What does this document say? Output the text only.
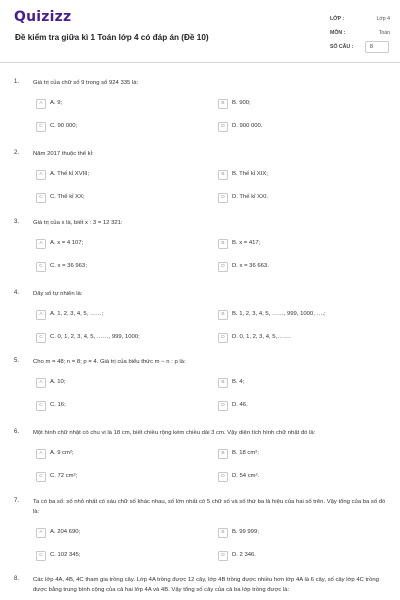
Quizizz
Đề kiểm tra giữa kì 1 Toán lớp 4 có đáp án (Đề 10)
LỚP :	Lớp 4
MÔN :	Toán
SỐ CÂU :	8
1. Giá trị của chữ số 9 trong số 924 335 là:
A	A. 9;	B	B. 900;
C	C. 90 000;	D	D. 900 000.
2. Năm 2017 thuộc thế kỉ:
A	A. Thế kỉ XVIII;	B	B. Thế kỉ XIX;
C	C. Thế kỉ XX;	D	D. Thế kỉ XXI.
3. Giá trị của x là, biết x : 3 = 12 321:
A	A. x = 4 107;	B	B. x = 417;
C	C. x = 36 963;	D	D. x = 36 663.
4. Dãy số tự nhiên là:
A	A. 1, 2, 3, 4, 5, ……;	B	B. 1, 2, 3, 4, 5, ……, 999, 1000, ….;
C	C. 0, 1, 2, 3, 4, 5, ……, 999, 1000;	D	D. 0, 1, 2, 3, 4, 5,…….
5. Cho m = 48; n = 8; p = 4. Giá trị của biểu thức m − n : p là:
A	A. 10;	B	B. 4;
C	C. 16;	D	D. 46.
6. Một hình chữ nhật có chu vi là 18 cm, biết chiều rộng kém chiều dài 3 cm. Vậy diện tích hình chữ nhật đó là:
A	A. 9 cm²;	B	B. 18 cm²;
C	C. 72 cm²;	D	D. 54 cm².
7. Ta có ba số: số nhỏ nhất có sáu chữ số khác nhau, số lớn nhất có 5 chữ số và số thứ ba là hiệu của hai số trên. Vậy tổng của ba số đó là:
A	A. 204 690;	B	B. 99 999;
C	C. 102 345;	D	D. 2 346.
8. Các lớp 4A, 4B, 4C tham gia trồng cây. Lớp 4A trồng được 12 cây, lớp 4B trồng được nhiều hơn lớp 4A là 6 cây, số cây lớp 4C trồng được bằng trung bình cộng của cả hai lớp 4A và 4B. Vậy tổng số cây của cả ba lớp trồng được là:
